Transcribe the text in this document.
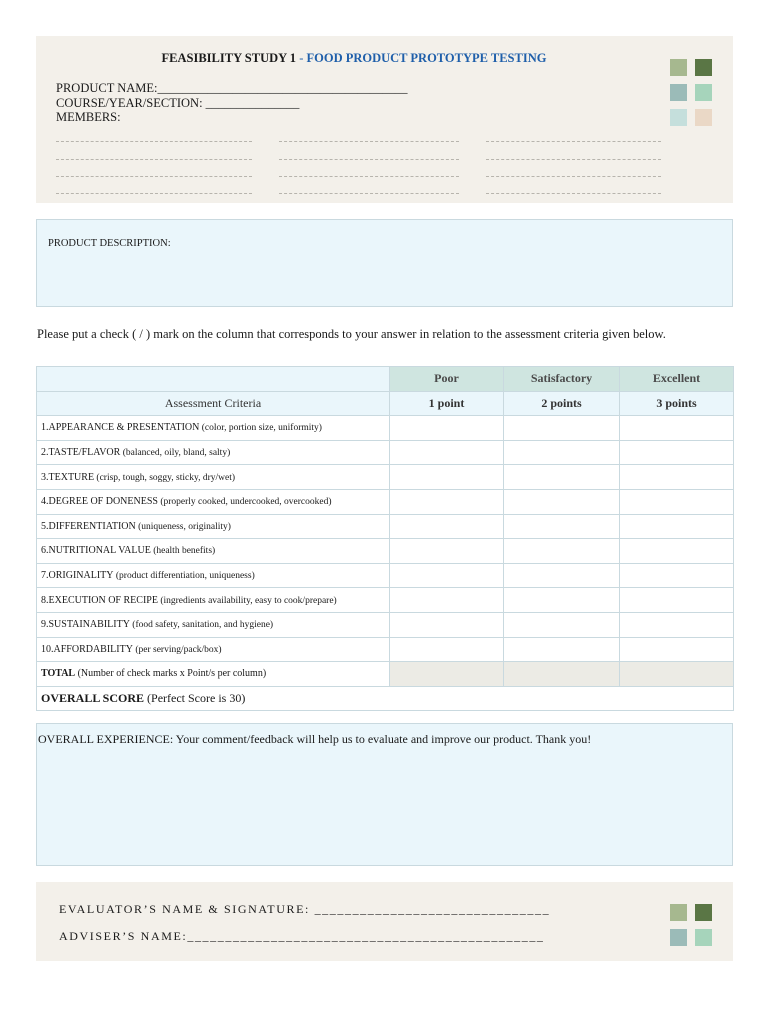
FEASIBILITY STUDY 1 - FOOD PRODUCT PROTOTYPE TESTING
PRODUCT NAME:________________________________________
COURSE/YEAR/SECTION: _______________
MEMBERS:
PRODUCT DESCRIPTION:
Please put a check ( / ) mark on the column that corresponds to your answer in relation to the assessment criteria given below.
	Poor	Satisfactory	Excellent
Assessment Criteria	1 point	2 points	3 points
1.APPEARANCE & PRESENTATION (color, portion size, uniformity)			
2.TASTE/FLAVOR (balanced, oily, bland, salty)			
3.TEXTURE (crisp, tough, soggy, sticky, dry/wet)			
4.DEGREE OF DONENESS (properly cooked, undercooked, overcooked)			
5.DIFFERENTIATION (uniqueness, originality)			
6.NUTRITIONAL VALUE (health benefits)			
7.ORIGINALITY (product differentiation, uniqueness)			
8.EXECUTION OF RECIPE (ingredients availability, easy to cook/prepare)			
9.SUSTAINABILITY (food safety, sanitation, and hygiene)			
10.AFFORDABILITY (per serving/pack/box)			
TOTAL (Number of check marks x Point/s per column)			
OVERALL SCORE (Perfect Score is 30)			
OVERALL EXPERIENCE: Your comment/feedback will help us to evaluate and improve our product. Thank you!
EVALUATOR’S NAME & SIGNATURE: _______________________________
ADVISER’S NAME:_______________________________________________
